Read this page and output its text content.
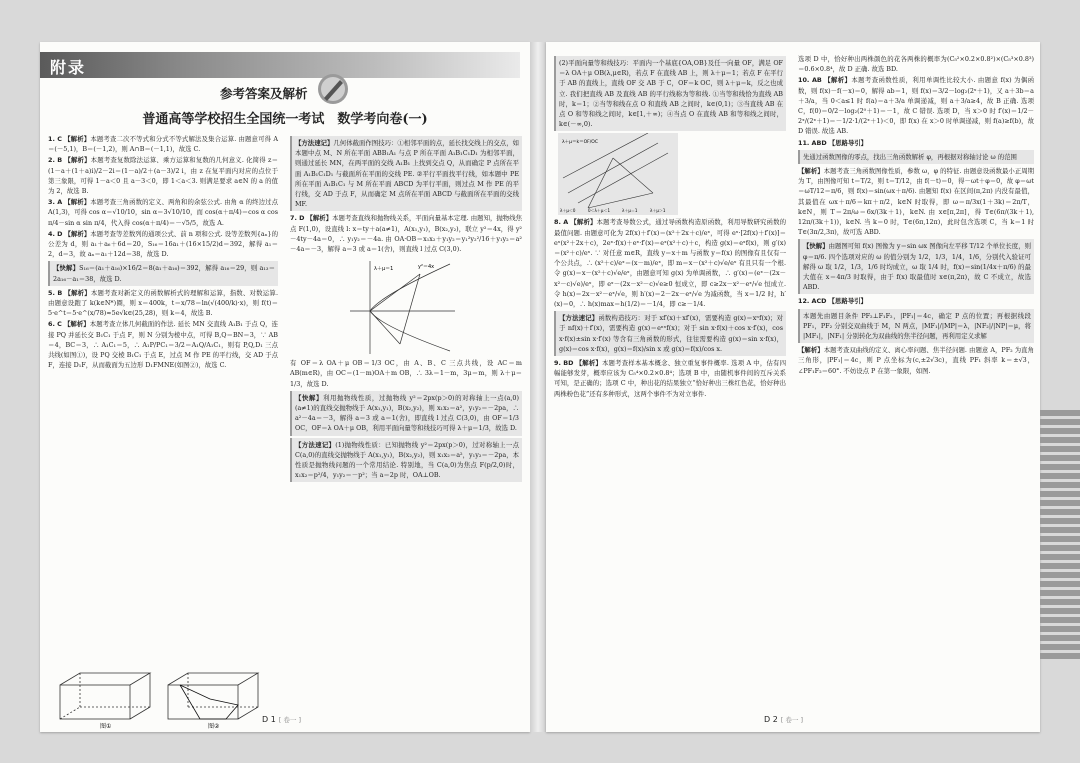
附录
参考答案及解析
普通高等学校招生全国统一考试　数学考向卷(一)

1. C 【解析】本题考查二次不等式和分式不等式解法及集合运算. 由题意可得 A＝(－5,1)，B＝(－1,2)，则 A∩B＝(－1,1)，故选 C.

2. B 【解析】本题考查复数除法运算、乘方运算和复数的几何意义. 化简得 z＝(1－a＋(1＋a)i)/2－2i＝(1－a)/2＋(a－3)/2 i，由 z 在复平面内对应的点位于第三象限，可得 1－a＜0 且 a－3＜0，即 1＜a＜3. 则满足要求 a∈N 的 a 的值为 2，故选 B.

3. A 【解析】本题考查三角函数的定义、两角和的余弦公式. 由角 α 的终边过点 A(1,3)，可得 cos α＝√10/10，sin α＝3√10/10，而 cos(α＋π/4)＝cos α cos π/4－sin α sin π/4，代入得 cos(α＋π/4)＝－√5/5，故选 A.

4. D 【解析】本题考查等差数列的通项公式、前 n 项和公式. 设等差数列{aₙ}的公差为 d，则 a₁＋a₆＋6d＝20，S₁₆＝16a₁＋(16×15/2)d＝392，解得 a₁＝2，d＝3，故 aₙ＝a₁＋12d＝38，故选 D.

【快解】S₁₆＝(a₁＋a₁₆)×16/2＝8(a₁＋a₁₆)＝392，解得 a₁₆＝29，则 a₁₃＝2a₁₆－a₁＝38，故选 D.

5. B 【解析】本题考查对新定义的函数解析式的理解和运算，指数、对数运算. 由题意设跑了 k(k∈N*)圈，则 x＝400k，t＝x/78＝ln(√(400/k)·x)，则 f(t)＝5·e^t＝5·e^(x/78)≈5e√k∈(25,28)，则 k＝4，故选 B.

6. C 【解析】本题考查立体几何截面的作法. 延长 MN 交直线 A₁B₁ 于点 Q，连接 PQ 并延长交 B₁C₁ 于点 F，则 N 分别为棱中点，可得 B,Q＝BN＝3，∵ AB＝4，BC＝3，∴ A₁C₁＝5，∴ A₁P/PC₁＝3/2＝A₁Q/A₁C₁，则有 P,Q,D₁ 三点共线(如图①)，设 PQ 交棱 B₁C₁ 于点 E，过点 M 作 PE 的平行线，交 AD 于点 F，连接 D₁F，从而截面为五边形 D₁FMNE(如图②)，故选 C.

图①	图②

【方法速记】几何体截面作图技巧：①相邻平面的点，延长找交线上的交点，如本题中点 M、N 所在平面 ABB₁A₁ 与点 P 所在平面 A₁B₁C₁D₁ 为相邻平面，则通过延长 MN，在两平面的交线 A₁B₁ 上找到交点 Q，从而确定 P 点所在平面 A₁B₁C₁D₁ 与截面所在平面的交线 PE. ②平行平面找平行线，如本题中 PE 所在平面 A₁B₁C₁ 与 M 所在平面 ABCD 为平行平面，则过点 M 作 PE 的平行线，交 AD 于点 F，从而确定 M 点所在平面 ABCD 与截面所在平面的交线 MF.

7. D 【解析】本题考查直线和抛物线关系，平面向量基本定理. 由题知，抛物线焦点 F(1,0)，设直线 l: x＝ty＋a(a≠1)，A(x₁,y₁)，B(x₂,y₂)，联立 y²＝4x，得 y²－4ty－4a＝0，∴ y₁y₂＝－4a. 由 OA·OB＝x₁x₂＋y₁y₂＝y₁²y₂²/16＋y₁y₂＝a²－4a＝－3，解得 a＝3 或 a＝1(舍)，则直线 l 过点 C(3,0).

y²＝4x
λ＋μ＝1

有 OF＝λ OA＋μ OB＝1/3 OC，由 A、B、C 三点共线，设 AC＝m AB(m∈R)，由 OC＝(1－m)OA＋m OB，∴ 3λ＝1－m，3μ＝m，则 λ＋μ＝1/3，故选 D.

【快解】利用抛物线性质，过抛物线 y²＝2px(p＞0)的对称轴上一点(a,0)(a≠1)的直线交抛物线于 A(x₁,y₁)，B(x₂,y₂)，则 x₁x₂＝a²，y₁y₂＝－2pa，∴ a²－4a＝－3，解得 a＝3 或 a＝1(舍)，即直线 l 过点 C(3,0)，由 OF＝1/3 OC，OF＝λ OA＋μ OB，利用平面向量等和线技巧可得 λ＋μ＝1/3，故选 D.

【方法速记】(1)抛物线性质：已知抛物线 y²＝2px(p＞0)，过对称轴上一点 C(a,0)的直线交抛物线于 A(x₁,y₁)，B(x₂,y₂)，则 x₁x₂＝a²，y₁y₂＝－2pa，本性质是抛物线问题的一个常用结论. 特别地，当 C(a,0)为焦点 F(p/2,0)时，x₁x₂＝p²/4，y₁y₂＝－p²；当 a＝2p 时，OA⊥OB.

D 1 [ 卷一 ]

(2)平面向量等和线技巧：平面内一个基底{OA,OB}及任一向量 OF，满足 OF＝λ OA＋μ OB(λ,μ∈R)，若点 F 在直线 AB 上，则 λ＋μ＝1；若点 F 在平行于 AB 的直线上，直线 OF 交 AB 于 C，OF＝k OC，则 λ＋μ＝k，反之也成立. 我们把直线 AB 及直线 AB 的平行线称为等和线. ①当等和线恰为直线 AB 时，k＝1；②当等和线在点 O 和直线 AB 之间时，k∈(0,1)；③当直线 AB 在点 O 和等和线之间时，k∈[1,＋∞)；④当点 O 在直线 AB 和等和线之间时，k∈(－∞,0).

λ＋μ＝k＝OF/OC
λ＋μ＜0	0＜λ＋μ＜1	λ＋μ＝1	λ＋μ＞1

8. A 【解析】本题考查导数公式，通过导函数构造原函数，利用导数研究函数的最值问题. 由题意可化为 2f(x)＋f′(x)＝(x²＋2x＋c)/eˣ，可得 eˣ·[2f(x)＋f′(x)]＝eˣ(x²＋2x＋c)，2eˣ·f(x)＋eˣ·f′(x)＝eˣ(x²＋c)＋c，构造 g(x)＝eˣf(x)，则 g′(x)＝(x²＋c)/eˣ. ∵ 对任意 m∈R，直线 y＝x＋m 与函数 y＝f(x) 的图像有且仅有一个公共点，∴ (x²＋c)/eˣ＝(x－m)/eˣ，即 m＝x－(x²＋c)√e/eˣ 有且只有一个根. 令 g(x)＝x－(x²＋c)√e/eˣ，由题意可知 g(x) 为单调函数，∴ g′(x)＝(eˣ－(2x－x²－c)√e)/eˣ，即 eˣ－(2x－x²－c)√e≥0 恒成立，即 c≥2x－x²－eˣ/√e 恒成立. 令 h(x)＝2x－x²－eˣ/√e，则 h′(x)＝2－2x－eˣ/√e 为减函数，当 x＝1/2 时，h′(x)＝0，∴ h(x)max＝h(1/2)＝－1/4，即 c≥－1/4.

【方法速记】函数构造技巧：对于 xf′(x)＋xf′(x)，需要构造 g(x)＝xⁿf(x)；对于 nf(x)＋f′(x)，需要构造 g(x)＝eⁿˣf(x)；对于 sin x·f(x)＋cos x·f′(x)，cos x·f(x)±sin x·f′(x) 等含有三角函数的形式，往往需要构造 g(x)＝sin x·f(x)，g(x)＝cos x·f(x)，g(x)＝f(x)/sin x 或 g(x)＝f(x)/cos x.

9. BD 【解析】本题考查样本基本概念、独立重复事件概率. 选项 A 中，估有四幅能够发芽，概率应该为 C₅⁴×0.2×0.8⁴；选项 B 中，由随机事件间的互斥关系可知，是正确的；选项 C 中，种出花的结果独立“恰好种出三株红色花，恰好种出两株粉色花”还有多种形式，这两个事件不为对立事件.

选项 D 中，恰好种出两株颜色的花各两株的概率为(C₅²×0.2×0.8²)×(C₅³×0.8³)＝0.6×0.8⁴，故 D 正确. 故选 BD.

10. AB 【解析】本题考查函数性质，利用单调性比较大小. 由题意 f(x) 为偶函数，则 f(x)－f(－x)＝0，解得 ab＝1，则 f(x)＝3/2－log₂(2ˣ＋1)，又 a＋3b＝a＋3/a，当 0＜a≤1 时 f(a)＝a＋3/a 单调递减，则 a＋3/a≥4，故 B 正确. 选项 C，f(0)＝0/2－log₂(2⁰＋1)＝－1，故 C 错误. 选项 D，当 x＞0 时 f′(x)＝1/2－2ˣ/(2ˣ＋1)＝－1/2·1/(2ˣ＋1)＜0，即 f(x) 在 x＞0 时单调递减，则 f(a)≥f(b)，故 D 错误. 故选 AB.

11. ABD 【思路导引】

先通过函数图像的零点，找出三角函数解析 φ，再根据对称轴讨论 ω 的范围

【解析】本题考查三角函数图像性质，参数 ω，φ 的特征. 由题意设函数最小正周期为 T，由图像可知 t＝T/2，则 t＝T/12，由 f(－t)＝0，得－ωt＋φ＝0，故 φ＝ωt＝ωT/12＝π/6，则 f(x)＝sin(ωx＋π/6). 由题知 f(x) 在区间(π,2π) 内没有最值，其最值在 ωx＋π/6＝kπ＋π/2，k∈N 时取得，即 ω＝π/3x(1＋3k)＝2π/T，k∈N，则 T＝2π/ω＝6x/(3k＋1)，k∈N. 由 x∈[π,2π]，得 T∈(6π/(3k＋1), 12π/(3k＋1))，k∈N. 当 k＝0 时，T∈(6π,12π)，此时包含选项 C，当 k＝1 时 T∈(3π/2,3π)，故可选 ABD.

【快解】由题图可知 f(x) 图像为 y＝sin ωx 图像向左平移 T/12 个单位长度，则 φ＝π/6. 四个选项对应的 ω 的值分别为 1/2，1/3，1/4，1/6，分别代入验证可解得 ω 取 1/2，1/3，1/6 时均成立，ω 取 1/4 时，f(x)＝sin(1/4x＋π/6) 的最大值在 x＝4π/3 时取得，由于 f(x) 取最值时 x∈(π,2π)，故 C 不成立，故选 ABD.

12. ACD 【思路导引】

本题先由题目条件 PF₂⊥F₁F₂，|PF₁|＝4c，确定 P 点的位置；再根据线段 PF₁，PF₂ 分别交双曲线于 M，N 两点，|MF₁|/|MP|＝λ，|NF₂|/|NP|＝μ，将 |MF₁|，|NF₁| 分别转化为双曲线的焦半径问题，再利用定义求解

【解析】本题考查双曲线的定义、离心率问题、焦半径问题. 由题意 A，PF₂ 为直角三角形，|PF₁|＝4c，则 P 点坐标为(c,±2√3c)，直线 PF₁ 斜率 k＝±√3，∠PF₁F₂＝60°. 不妨设点 P 在第一象限，如图.

D 2 [ 卷一 ]
